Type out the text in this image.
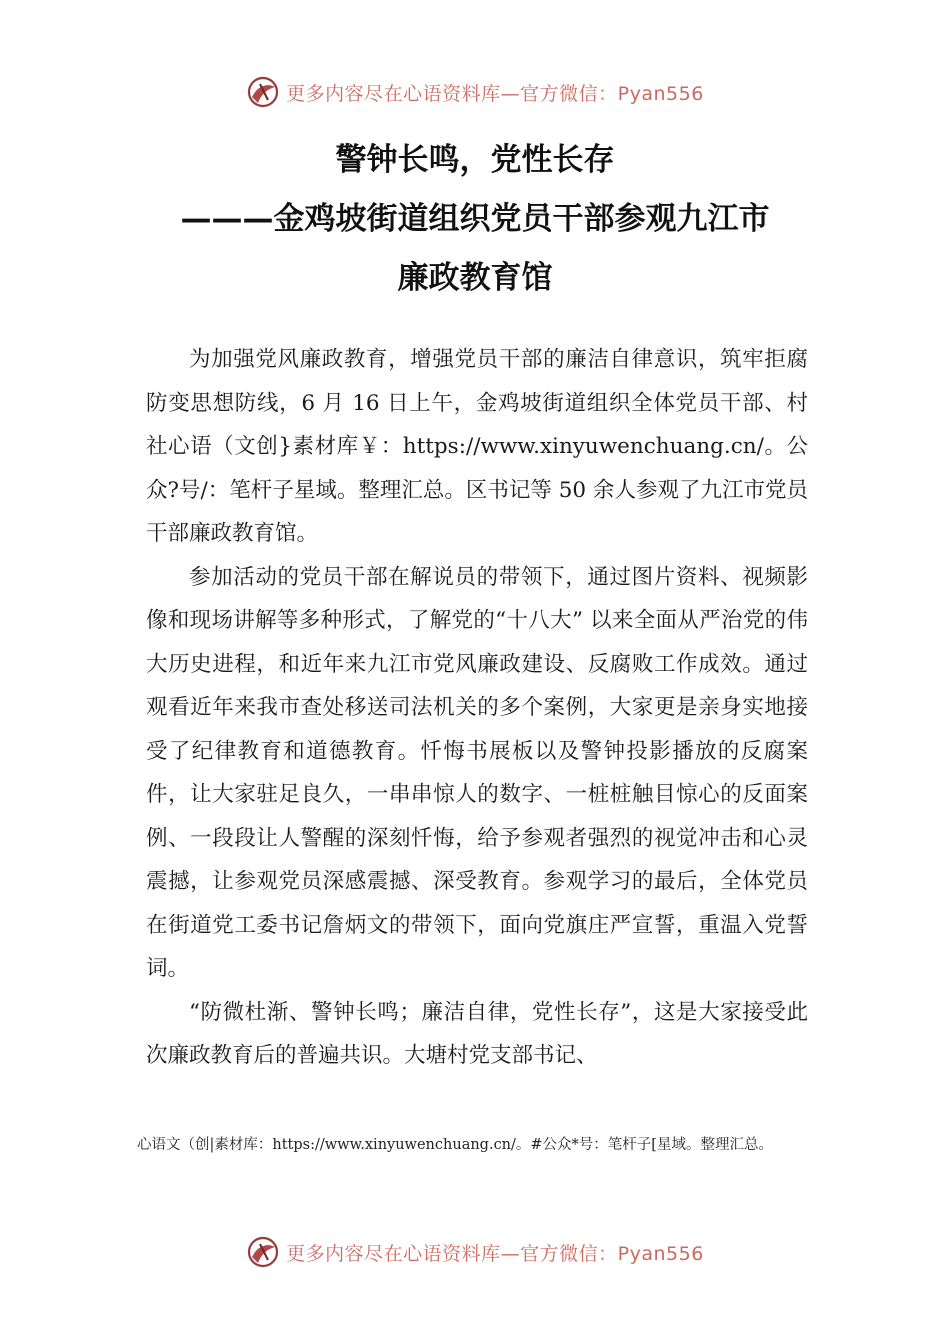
更多内容尽在心语资料库—官方微信：Pyan556
警钟长鸣，党性长存
———金鸡坡街道组织党员干部参观九江市
廉政教育馆

为加强党风廉政教育，增强党员干部的廉洁自律意识，筑牢拒腐防变思想防线，6 月 16 日上午，金鸡坡街道组织全体党员干部、村社心语（文创}素材库￥：https://www.xinyuwenchuang.cn/。公众?号/：笔杆子星域。整理汇总。区书记等 50 余人参观了九江市党员干部廉政教育馆。

参加活动的党员干部在解说员的带领下，通过图片资料、视频影像和现场讲解等多种形式，了解党的“十八大” 以来全面从严治党的伟大历史进程，和近年来九江市党风廉政建设、反腐败工作成效。通过观看近年来我市查处移送司法机关的多个案例，大家更是亲身实地接受了纪律教育和道德教育。忏悔书展板以及警钟投影播放的反腐案件，让大家驻足良久，一串串惊人的数字、一桩桩触目惊心的反面案例、一段段让人警醒的深刻忏悔，给予参观者强烈的视觉冲击和心灵震撼，让参观党员深感震撼、深受教育。参观学习的最后，全体党员在街道党工委书记詹炳文的带领下，面向党旗庄严宣誓，重温入党誓词。

“防微杜渐、警钟长鸣；廉洁自律，党性长存”，这是大家接受此次廉政教育后的普遍共识。大塘村党支部书记、

心语文（创|素材库：https://www.xinyuwenchuang.cn/。#公众*号：笔杆子[星域。整理汇总。
更多内容尽在心语资料库—官方微信：Pyan556
